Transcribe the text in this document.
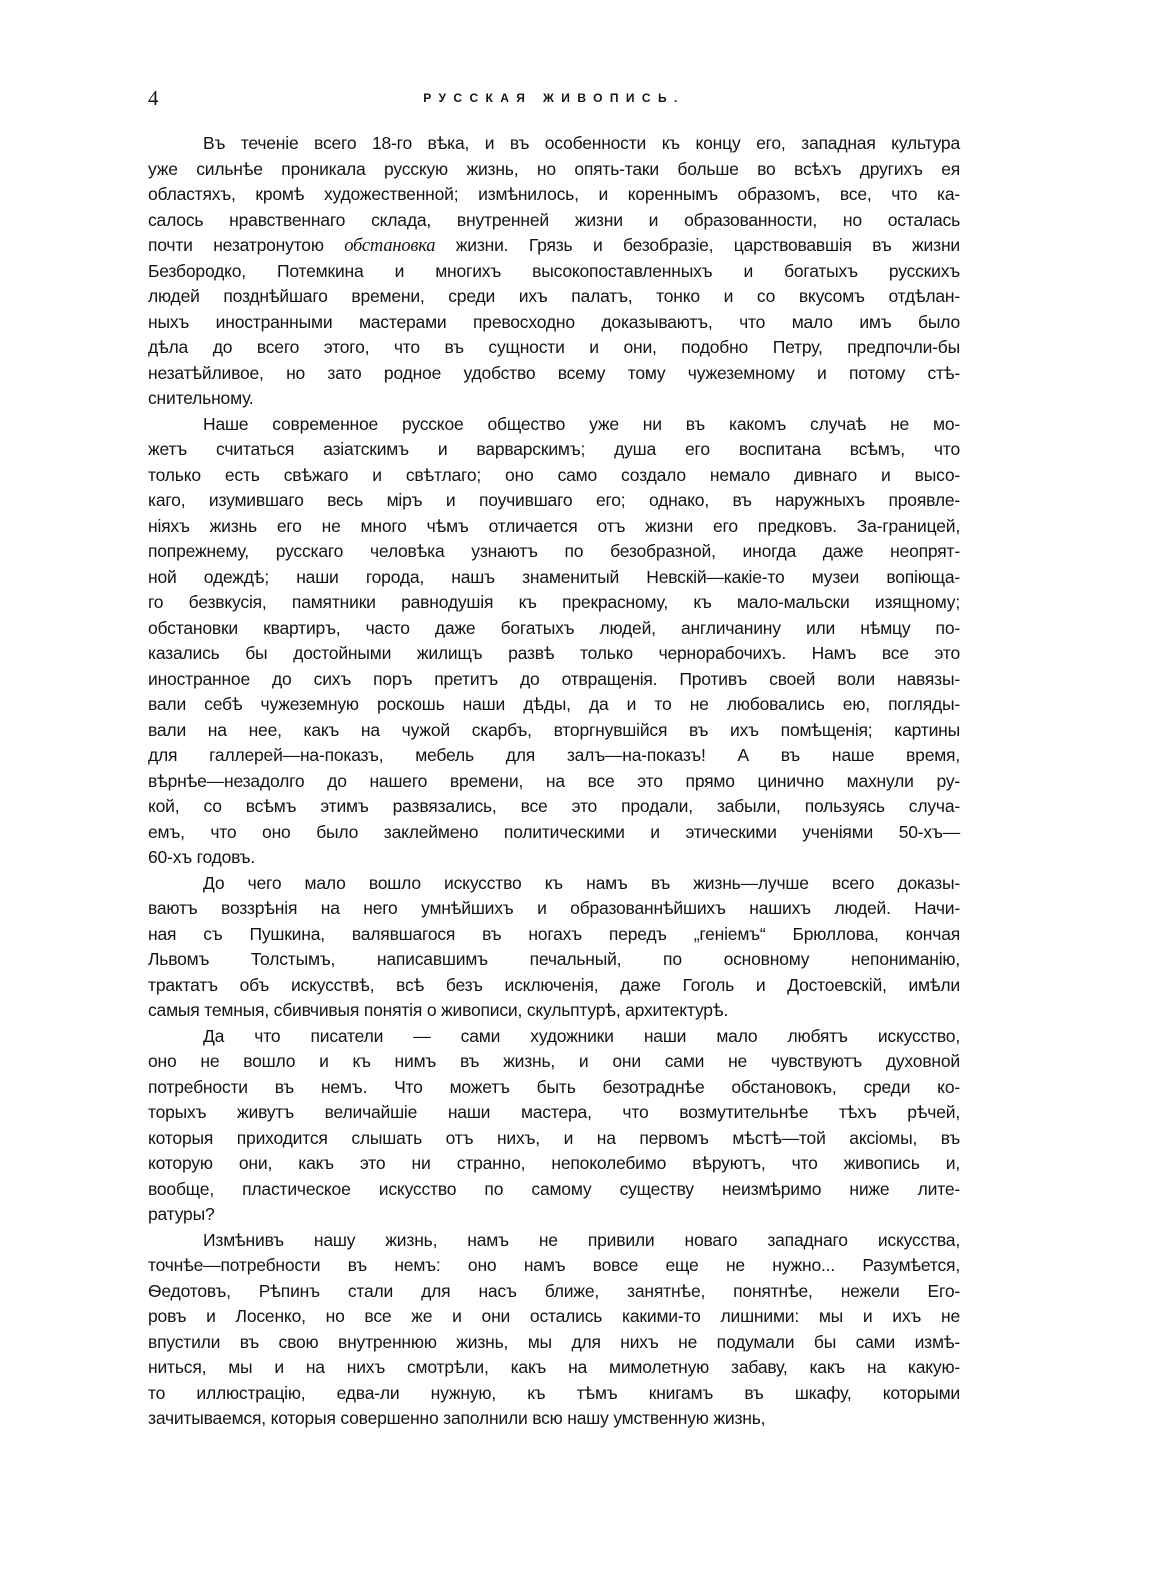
4	РУССКАЯ ЖИВОПИСЬ.
Въ теченіе всего 18-го вѣка, и въ особенности къ концу его, западная культура
уже сильнѣе проникала русскую жизнь, но опять-таки больше во всѣхъ другихъ ея
областяхъ, кромѣ художественной; измѣнилось, и кореннымъ образомъ, все, что ка-
салось нравственнаго склада, внутренней жизни и образованности, но осталась
почти незатронутою обстановка жизни. Грязь и безобразіе, царствовавшія въ жизни
Безбородко, Потемкина и многихъ высокопоставленныхъ и богатыхъ русскихъ
людей позднѣйшаго времени, среди ихъ палатъ, тонко и со вкусомъ отдѣлан-
ныхъ иностранными мастерами превосходно доказываютъ, что мало имъ было
дѣла до всего этого, что въ сущности и они, подобно Петру, предпочли-бы
незатѣйливое, но зато родное удобство всему тому чужеземному и потому стѣ-
снительному.
Наше современное русское общество уже ни въ какомъ случаѣ не мо-
жетъ считаться азіатскимъ и варварскимъ; душа его воспитана всѣмъ, что
только есть свѣжаго и свѣтлаго; оно само создало немало дивнаго и высо-
каго, изумившаго весь міръ и поучившаго его; однако, въ наружныхъ проявле-
ніяхъ жизнь его не много чѣмъ отличается отъ жизни его предковъ. За-границей,
попрежнему, русскаго человѣка узнаютъ по безобразной, иногда даже неопрят-
ной одеждѣ; наши города, нашъ знаменитый Невскій—какіе-то музеи вопіюща-
го безвкусія, памятники равнодушія къ прекрасному, къ мало-мальски изящному;
обстановки квартиръ, часто даже богатыхъ людей, англичанину или нѣмцу по-
казались бы достойными жилищъ развѣ только чернорабочихъ. Намъ все это
иностранное до сихъ поръ претитъ до отвращенія. Противъ своей воли навязы-
вали себѣ чужеземную роскошь наши дѣды, да и то не любовались ею, погляды-
вали на нее, какъ на чужой скарбъ, вторгнувшійся въ ихъ помѣщенія; картины
для галлерей—на-показъ, мебель для залъ—на-показъ! А въ наше время,
вѣрнѣе—незадолго до нашего времени, на все это прямо цинично махнули ру-
кой, со всѣмъ этимъ развязались, все это продали, забыли, пользуясь случа-
емъ, что оно было заклеймено политическими и этическими ученіями 50-хъ—
60-хъ годовъ.
До чего мало вошло искусство къ намъ въ жизнь—лучше всего доказы-
ваютъ воззрѣнія на него умнѣйшихъ и образованнѣйшихъ нашихъ людей. Начи-
ная съ Пушкина, валявшагося въ ногахъ передъ „геніемъ“ Брюллова, кончая
Львомъ Толстымъ, написавшимъ печальный, по основному непониманію,
трактатъ объ искусствѣ, всѣ безъ исключенія, даже Гоголь и Достоевскій, имѣли
самыя темныя, сбивчивыя понятія о живописи, скульптурѣ, архитектурѣ.
Да что писатели — сами художники наши мало любятъ искусство,
оно не вошло и къ нимъ въ жизнь, и они сами не чувствуютъ духовной
потребности въ немъ. Что можетъ быть безотраднѣе обстановокъ, среди ко-
торыхъ живутъ величайшіе наши мастера, что возмутительнѣе тѣхъ рѣчей,
которыя приходится слышать отъ нихъ, и на первомъ мѣстѣ—той аксіомы, въ
которую они, какъ это ни странно, непоколебимо вѣруютъ, что живопись и,
вообще, пластическое искусство по самому существу неизмѣримо ниже лите-
ратуры?
Измѣнивъ нашу жизнь, намъ не привили новаго западнаго искусства,
точнѣе—потребности въ немъ: оно намъ вовсе еще не нужно... Разумѣется,
Ѳедотовъ, Рѣпинъ стали для насъ ближе, занятнѣе, понятнѣе, нежели Его-
ровъ и Лосенко, но все же и они остались какими-то лишними: мы и ихъ не
впустили въ свою внутреннюю жизнь, мы для нихъ не подумали бы сами измѣ-
ниться, мы и на нихъ смотрѣли, какъ на мимолетную забаву, какъ на какую-
то иллюстрацію, едва-ли нужную, къ тѣмъ книгамъ въ шкафу, которыми
зачитываемся, которыя совершенно заполнили всю нашу умственную жизнь,
